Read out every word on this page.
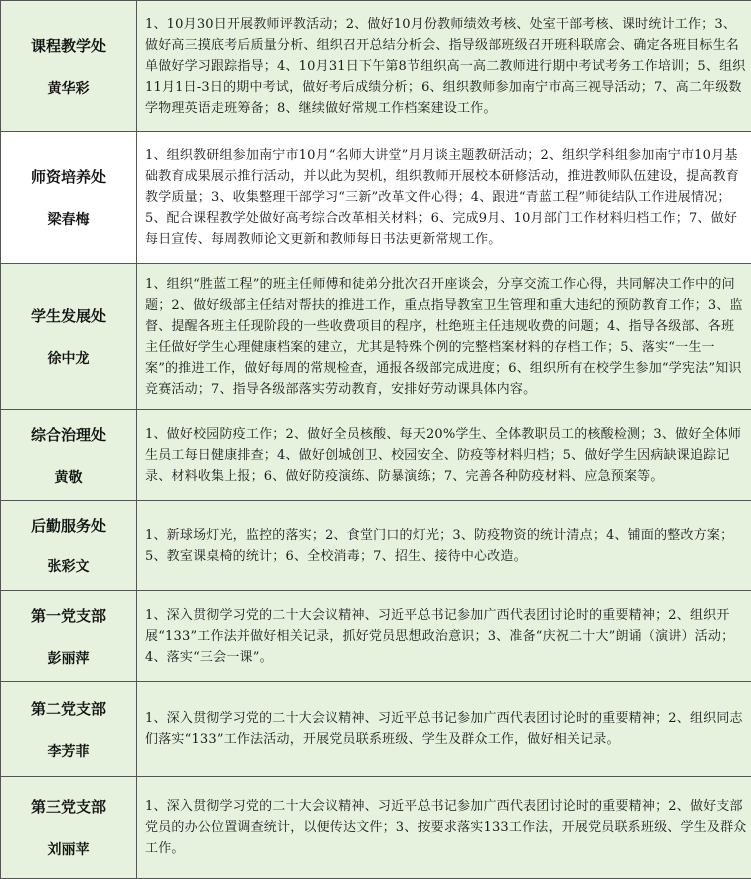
课程教学处
黄华彩	1、10月30日开展教师评教活动；2、做好10月份教师绩效考核、处室干部考核、课时统计工作；3、做好高三摸底考后质量分析、组织召开总结分析会、指导级部班级召开班科联席会、确定各班目标生名单做好学习跟踪指导；4、10月31日下午第8节组织高一高二教师进行期中考试考务工作培训；5、组织11月1日-3日的期中考试，做好考后成绩分析；6、组织教师参加南宁市高三视导活动；7、高二年级数学物理英语走班筹备；8、继续做好常规工作档案建设工作。

师资培养处
梁春梅	1、组织教研组参加南宁市10月“名师大讲堂”月月谈主题教研活动；2、组织学科组参加南宁市10月基础教育成果展示推行活动，并以此为契机，组织教师开展校本研修活动，推进教师队伍建设，提高教育教学质量；3、收集整理干部学习“三新”改革文件心得；4、跟进“青蓝工程”师徒结队工作进展情况；5、配合课程教学处做好高考综合改革相关材料；6、完成9月、10月部门工作材料归档工作；7、做好每日宣传、每周教师论文更新和教师每日书法更新常规工作。

学生发展处
徐中龙	1、组织“胜蓝工程”的班主任师傅和徒弟分批次召开座谈会，分享交流工作心得，共同解决工作中的问题；2、做好级部主任结对帮扶的推进工作，重点指导教室卫生管理和重大违纪的预防教育工作；3、监督、提醒各班主任现阶段的一些收费项目的程序，杜绝班主任违规收费的问题；4、指导各级部、各班主任做好学生心理健康档案的建立，尤其是特殊个例的完整档案材料的存档工作；5、落实“一生一案”的推进工作，做好每周的常规检查，通报各级部完成进度；6、组织所有在校学生参加“学宪法”知识竞赛活动；7、指导各级部落实劳动教育，安排好劳动课具体内容。

综合治理处
黄敬	1、做好校园防疫工作；2、做好全员核酸、每天20%学生、全体教职员工的核酸检测；3、做好全体师生员工每日健康排查；4、做好创城创卫、校园安全、防疫等材料归档；5、做好学生因病缺课追踪记录、材料收集上报；6、做好防疫演练、防暴演练；7、完善各种防疫材料、应急预案等。

后勤服务处
张彩文	1、新球场灯光，监控的落实；2、食堂门口的灯光；3、防疫物资的统计清点；4、铺面的整改方案；5、教室课桌椅的统计；6、全校消毒；7、招生、接待中心改造。

第一党支部
彭丽萍	1、深入贯彻学习党的二十大会议精神、习近平总书记参加广西代表团讨论时的重要精神；2、组织开展“133”工作法并做好相关记录，抓好党员思想政治意识；3、准备“庆祝二十大”朗诵（演讲）活动；4、落实“三会一课”。

第二党支部
李芳菲	1、深入贯彻学习党的二十大会议精神、习近平总书记参加广西代表团讨论时的重要精神；2、组织同志们落实“133”工作法活动，开展党员联系班级、学生及群众工作，做好相关记录。

第三党支部
刘丽苹	1、深入贯彻学习党的二十大会议精神、习近平总书记参加广西代表团讨论时的重要精神；2、做好支部党员的办公位置调查统计，以便传达文件；3、按要求落实133工作法，开展党员联系班级、学生及群众工作。
